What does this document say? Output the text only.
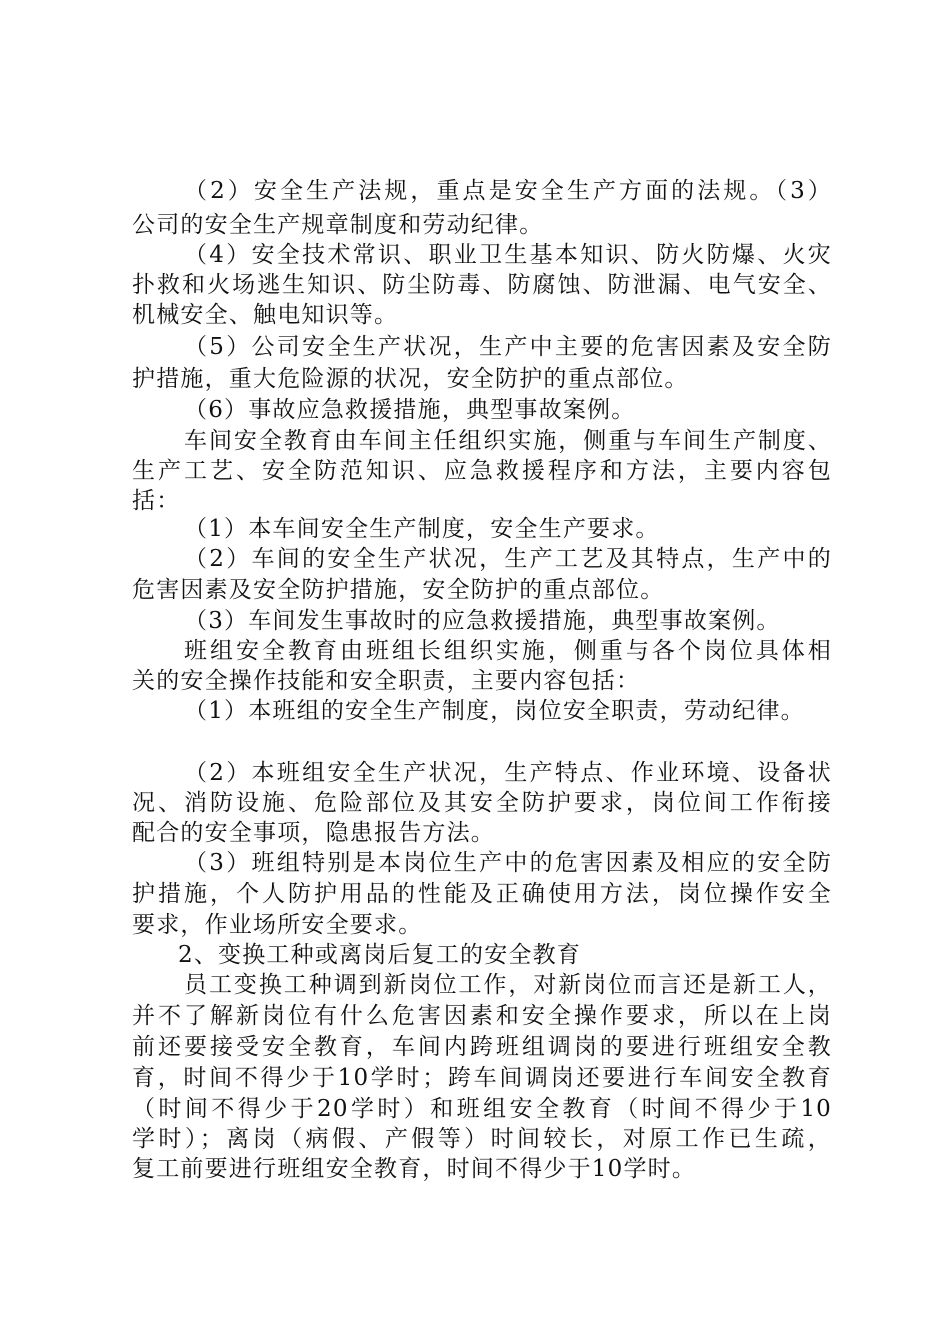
（2）安全生产法规，重点是安全生产方面的法规。（3）
公司的安全生产规章制度和劳动纪律。
（4）安全技术常识、职业卫生基本知识、防火防爆、火灾
扑救和火场逃生知识、防尘防毒、防腐蚀、防泄漏、电气安全、
机械安全、触电知识等。
（5）公司安全生产状况，生产中主要的危害因素及安全防
护措施，重大危险源的状况，安全防护的重点部位。
（6）事故应急救援措施，典型事故案例。
车间安全教育由车间主任组织实施，侧重与车间生产制度、
生产工艺、安全防范知识、应急救援程序和方法，主要内容包
括：
（1）本车间安全生产制度，安全生产要求。
（2）车间的安全生产状况，生产工艺及其特点，生产中的
危害因素及安全防护措施，安全防护的重点部位。
（3）车间发生事故时的应急救援措施，典型事故案例。
班组安全教育由班组长组织实施，侧重与各个岗位具体相
关的安全操作技能和安全职责，主要内容包括：
（1）本班组的安全生产制度，岗位安全职责，劳动纪律。
（2）本班组安全生产状况，生产特点、作业环境、设备状
况、消防设施、危险部位及其安全防护要求，岗位间工作衔接
配合的安全事项，隐患报告方法。
（3）班组特别是本岗位生产中的危害因素及相应的安全防
护措施，个人防护用品的性能及正确使用方法，岗位操作安全
要求，作业场所安全要求。
2、变换工种或离岗后复工的安全教育
员工变换工种调到新岗位工作，对新岗位而言还是新工人，
并不了解新岗位有什么危害因素和安全操作要求，所以在上岗
前还要接受安全教育，车间内跨班组调岗的要进行班组安全教
育，时间不得少于10学时；跨车间调岗还要进行车间安全教育
（时间不得少于20学时）和班组安全教育（时间不得少于10
学时）；离岗（病假、产假等）时间较长，对原工作已生疏，
复工前要进行班组安全教育，时间不得少于10学时。
